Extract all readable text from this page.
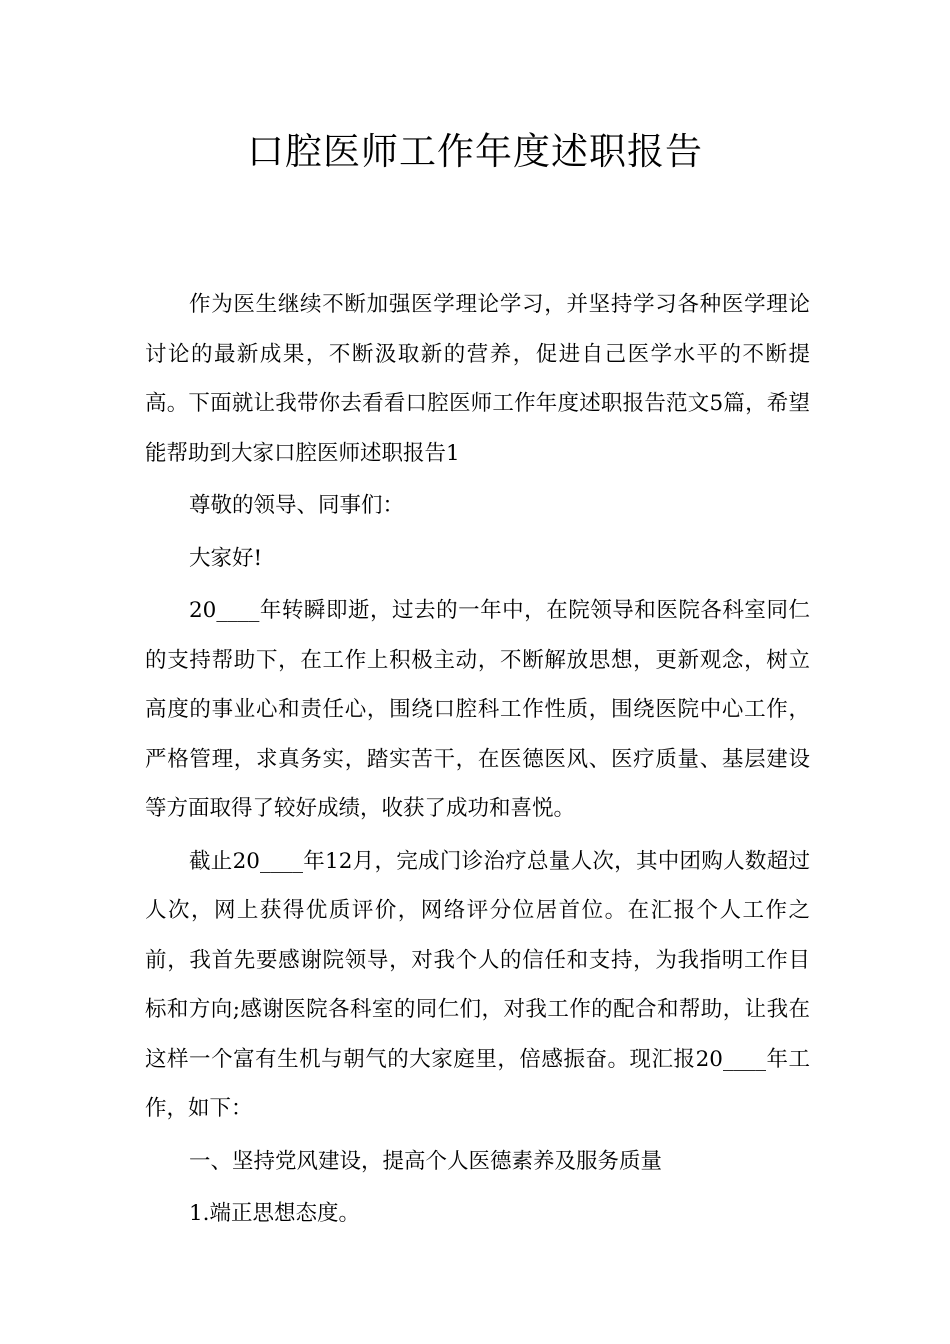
口腔医师工作年度述职报告

作为医生继续不断加强医学理论学习，并坚持学习各种医学理论讨论的最新成果，不断汲取新的营养，促进自己医学水平的不断提高。下面就让我带你去看看口腔医师工作年度述职报告范文5篇，希望能帮助到大家口腔医师述职报告1

尊敬的领导、同事们：

大家好!

20____年转瞬即逝，过去的一年中，在院领导和医院各科室同仁的支持帮助下，在工作上积极主动，不断解放思想，更新观念，树立高度的事业心和责任心，围绕口腔科工作性质，围绕医院中心工作，严格管理，求真务实，踏实苦干，在医德医风、医疗质量、基层建设等方面取得了较好成绩，收获了成功和喜悦。

截止20____年12月，完成门诊治疗总量人次，其中团购人数超过人次，网上获得优质评价，网络评分位居首位。在汇报个人工作之前，我首先要感谢院领导，对我个人的信任和支持，为我指明工作目标和方向;感谢医院各科室的同仁们，对我工作的配合和帮助，让我在这样一个富有生机与朝气的大家庭里，倍感振奋。现汇报20____年工作，如下：

一、坚持党风建设，提高个人医德素养及服务质量

1.端正思想态度。
